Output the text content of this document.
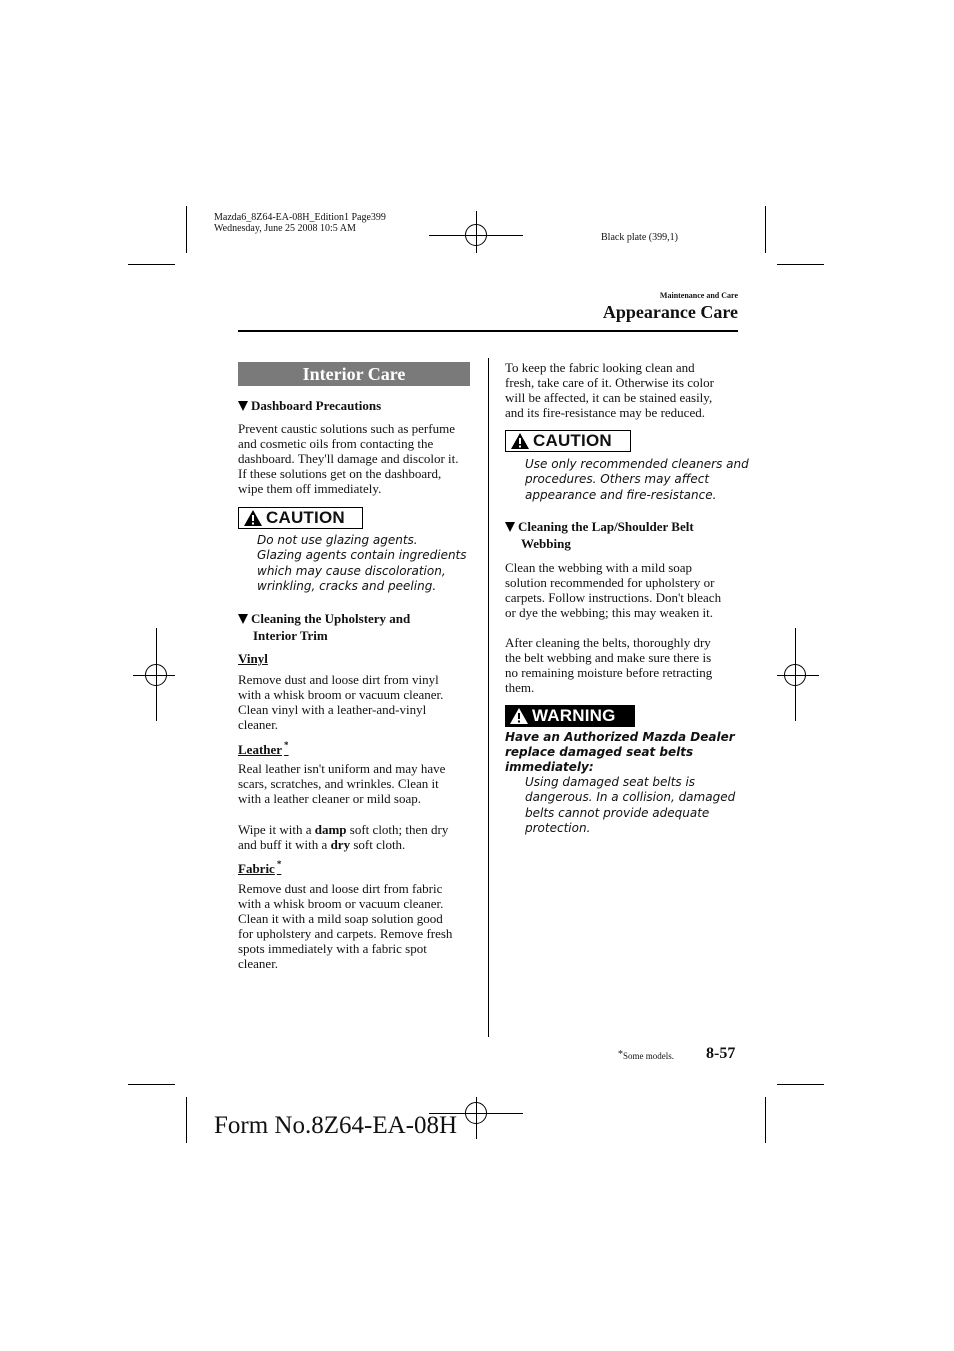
Mazda6_8Z64-EA-08H_Edition1 Page399
Wednesday, June 25 2008 10:5 AM
Black plate (399,1)
Maintenance and Care
Appearance Care
Interior Care
Dashboard Precautions
Prevent caustic solutions such as perfume
and cosmetic oils from contacting the
dashboard. They'll damage and discolor it.
If these solutions get on the dashboard,
wipe them off immediately.
CAUTION
Do not use glazing agents.
Glazing agents contain ingredients
which may cause discoloration,
wrinkling, cracks and peeling.
Cleaning the Upholstery and
Interior Trim
Vinyl
Remove dust and loose dirt from vinyl
with a whisk broom or vacuum cleaner.
Clean vinyl with a leather-and-vinyl
cleaner.
Leather *
Real leather isn't uniform and may have
scars, scratches, and wrinkles. Clean it
with a leather cleaner or mild soap.
Wipe it with a damp soft cloth; then dry
and buff it with a dry soft cloth.
Fabric *
Remove dust and loose dirt from fabric
with a whisk broom or vacuum cleaner.
Clean it with a mild soap solution good
for upholstery and carpets. Remove fresh
spots immediately with a fabric spot
cleaner.
To keep the fabric looking clean and
fresh, take care of it. Otherwise its color
will be affected, it can be stained easily,
and its fire-resistance may be reduced.
CAUTION
Use only recommended cleaners and
procedures. Others may affect
appearance and fire-resistance.
Cleaning the Lap/Shoulder Belt
Webbing
Clean the webbing with a mild soap
solution recommended for upholstery or
carpets. Follow instructions. Don't bleach
or dye the webbing; this may weaken it.
After cleaning the belts, thoroughly dry
the belt webbing and make sure there is
no remaining moisture before retracting
them.
WARNING
Have an Authorized Mazda Dealer
replace damaged seat belts
immediately:
Using damaged seat belts is
dangerous. In a collision, damaged
belts cannot provide adequate
protection.
*Some models. 8-57
Form No.8Z64-EA-08H
